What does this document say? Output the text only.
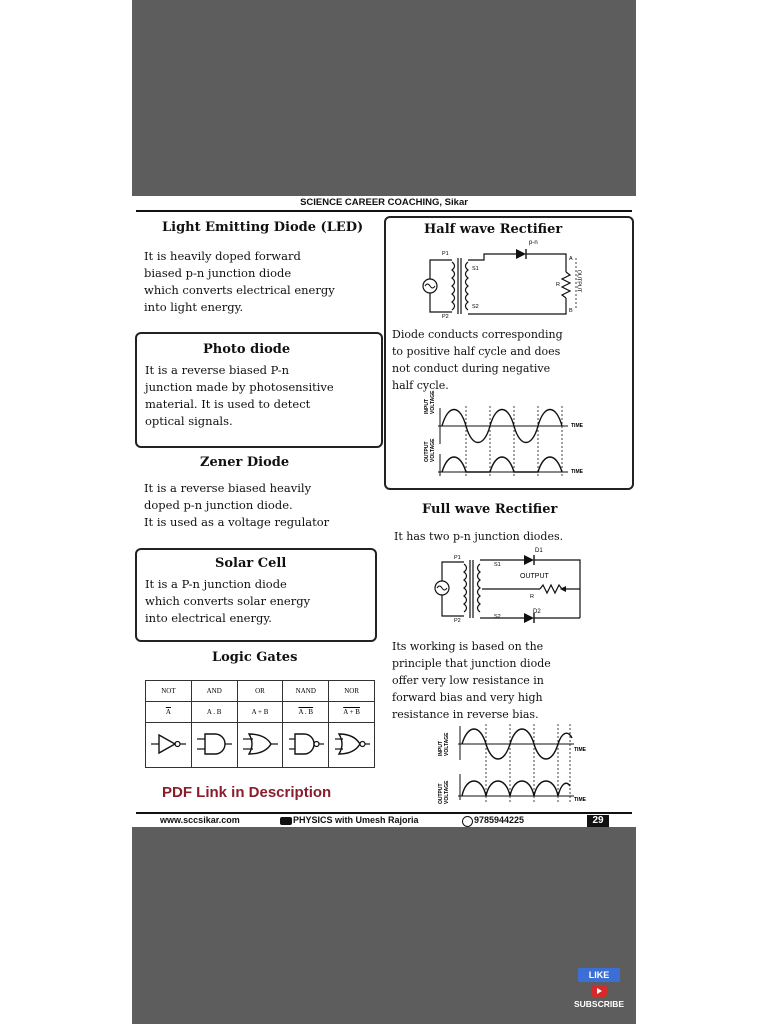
SCIENCE CAREER COACHING, Sikar
Light Emitting Diode (LED)
It is heavily doped forward
biased p-n junction diode
which converts electrical energy
into light energy.
Photo diode
It is a reverse biased P-n
junction made by photosensitive
material. It is used to detect
optical signals.
Zener Diode
It is a reverse biased heavily
doped p-n junction diode.
It is used as a voltage regulator
Solar Cell
It is a P-n junction diode
which converts solar energy
into electrical energy.
Logic Gates
NOT	AND	OR	NAND	NOR
$\overline{A}$	A . B	A + B	A . B	A + B

PDF Link in Description
Half wave Rectifier
p-n
P1
P2
S1
S2
A
B
R	OUTPUT
Diode conducts corresponding
to positive half cycle and does
not conduct during negative
half cycle.
INPUT VOLTAGE
OUTPUT VOLTAGE
TIME
TIME
Full wave Rectifier
It has two p-n junction diodes.
D1
D2
P1
P2
S1
S2
OUTPUT
R
Its working is based on the
principle that junction diode
offer very low resistance in
forward bias and very high
resistance in reverse bias.
INPUT VOLTAGE
OUTPUT VOLTAGE
TIME
TIME
www.sccsikar.com	PHYSICS with Umesh Rajoria	9785944225	29
LIKE
SUBSCRIBE
